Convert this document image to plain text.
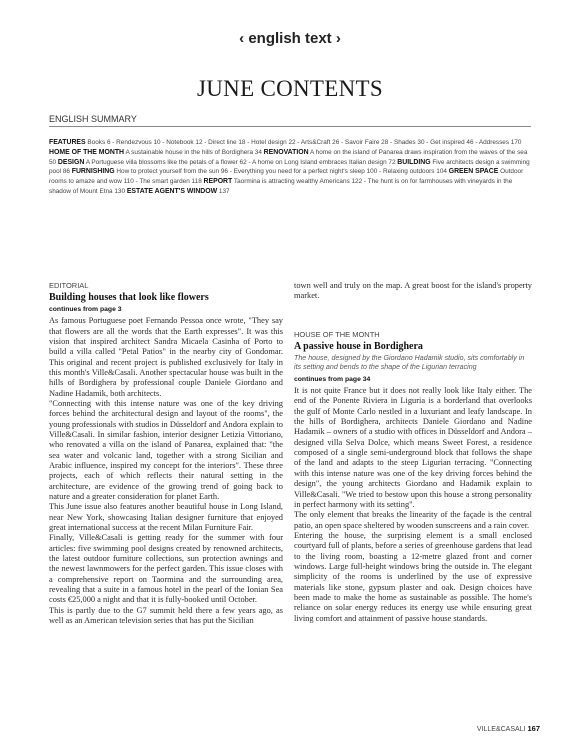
‹ english text ›
JUNE CONTENTS
ENGLISH SUMMARY
FEATURES Books 6 - Rendezvous 10 - Notebook 12 - Direct line 18 - Hotel design 22 - Arts&Craft 26 - Savoir Faire 28 - Shades 30 - Get inspired 46 - Addresses 170 HOME OF THE MONTH A sustainable house in the hills of Bordighera 34 RENOVATION A home on the island of Panarea draws inspiration from the waves of the sea 50 DESIGN A Portuguese villa blossoms like the petals of a flower 62 - A home on Long Island embraces Italian design 72 BUILDING Five architects design a swimming pool 86 FURNISHING How to protect yourself from the sun 96 - Everything you need for a perfect night's sleep 100 - Relaxing outdoors 104 GREEN SPACE Outdoor rooms to amaze and wow 110 - The smart garden 118 REPORT Taormina is attracting wealthy Americans 122 - The hunt is on for farmhouses with vineyards in the shadow of Mount Etna 130 ESTATE AGENT'S WINDOW 137
EDITORIAL
Building houses that look like flowers
continues from page 3

As famous Portuguese poet Fernando Pessoa once wrote, "They say that flowers are all the words that the Earth expresses". It was this vision that inspired architect Sandra Micaela Casinha of Porto to build a villa called "Petal Patios" in the nearby city of Gondomar. This original and recent project is published exclusively for Italy in this month's Ville&Casali. Another spectacular house was built in the hills of Bordighera by professional couple Daniele Giordano and Nadine Hadamik, both architects.

"Connecting with this intense nature was one of the key driving forces behind the architectural design and layout of the rooms", the young professionals with studios in Düsseldorf and Andora explain to Ville&Casali. In similar fashion, interior designer Letizia Vittoriano, who renovated a villa on the island of Panarea, explained that: "the sea water and volcanic land, together with a strong Sicilian and Arabic influence, inspired my concept for the interiors". These three projects, each of which reflects their natural setting in the architecture, are evidence of the growing trend of going back to nature and a greater consideration for planet Earth.

This June issue also features another beautiful house in Long Island, near New York, showcasing Italian designer furniture that enjoyed great international success at the recent Milan Furniture Fair.

Finally, Ville&Casali is getting ready for the summer with four articles: five swimming pool designs created by renowned architects, the latest outdoor furniture collections, sun protection awnings and the newest lawnmowers for the perfect garden. This issue closes with a comprehensive report on Taormina and the surrounding area, revealing that a suite in a famous hotel in the pearl of the Ionian Sea costs €25,000 a night and that it is fully-booked until October.

This is partly due to the G7 summit held there a few years ago, as well as an American television series that has put the Sicilian

town well and truly on the map. A great boost for the island's property market.

HOUSE OF THE MONTH
A passive house in Bordighera
The house, designed by the Giordano Hadamik studio, sits comfortably in its setting and bends to the shape of the Ligurian terracing
continues from page 34

It is not quite France but it does not really look like Italy either. The end of the Ponente Riviera in Liguria is a borderland that overlooks the gulf of Monte Carlo nestled in a luxuriant and leafy landscape. In the hills of Bordighera, architects Daniele Giordano and Nadine Hadamik – owners of a studio with offices in Düsseldorf and Andora – designed villa Selva Dolce, which means Sweet Forest, a residence composed of a single semi-underground block that follows the shape of the land and adapts to the steep Ligurian terracing. "Connecting with this intense nature was one of the key driving forces behind the design", the young architects Giordano and Hadamik explain to Ville&Casali. "We tried to bestow upon this house a strong personality in perfect harmony with its setting".

The only element that breaks the linearity of the façade is the central patio, an open space sheltered by wooden sunscreens and a rain cover.

Entering the house, the surprising element is a small enclosed courtyard full of plants, before a series of greenhouse gardens that lead to the living room, boasting a 12-metre glazed front and corner windows. Large full-height windows bring the outside in. The elegant simplicity of the rooms is underlined by the use of expressive materials like stone, gypsum plaster and oak. Design choices have been made to make the home as sustainable as possible. The home's reliance on solar energy reduces its energy use while ensuring great living comfort and attainment of passive house standards.

VILLE&CASALI 167
